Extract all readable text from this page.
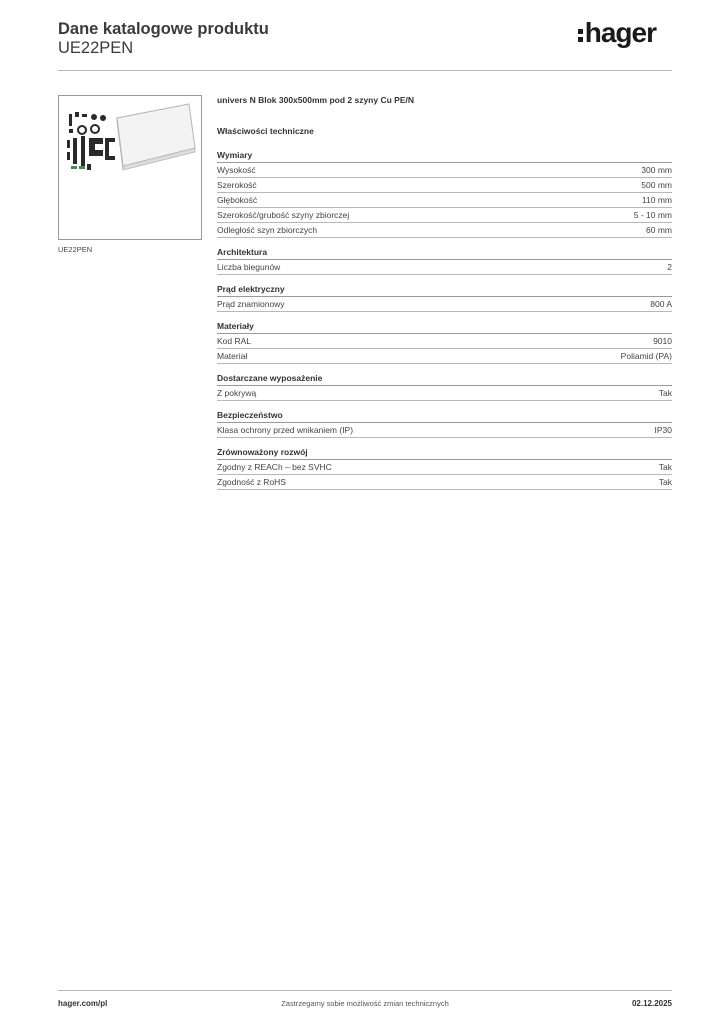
Dane katalogowe produktu
UE22PEN	hager
UE22PEN
univers N Blok 300x500mm pod 2 szyny Cu PE/N
Właściwości techniczne
Wymiary
Wysokość	300 mm
Szerokość	500 mm
Głębokość	110 mm
Szerokość/grubość szyny zbiorczej	5 - 10 mm
Odległość szyn zbiorczych	60 mm
Architektura
Liczba biegunów	2
Prąd elektryczny
Prąd znamionowy	800 A
Materiały
Kod RAL	9010
Materiał	Poliamid (PA)
Dostarczane wyposażenie
Z pokrywą	Tak
Bezpieczeństwo
Klasa ochrony przed wnikaniem (IP)	IP30
Zrównoważony rozwój
Zgodny z REACh – bez SVHC	Tak
Zgodność z RoHS	Tak
hager.com/pl	Zastrzegamy sobie możliwość zmian technicznych	02.12.2025
